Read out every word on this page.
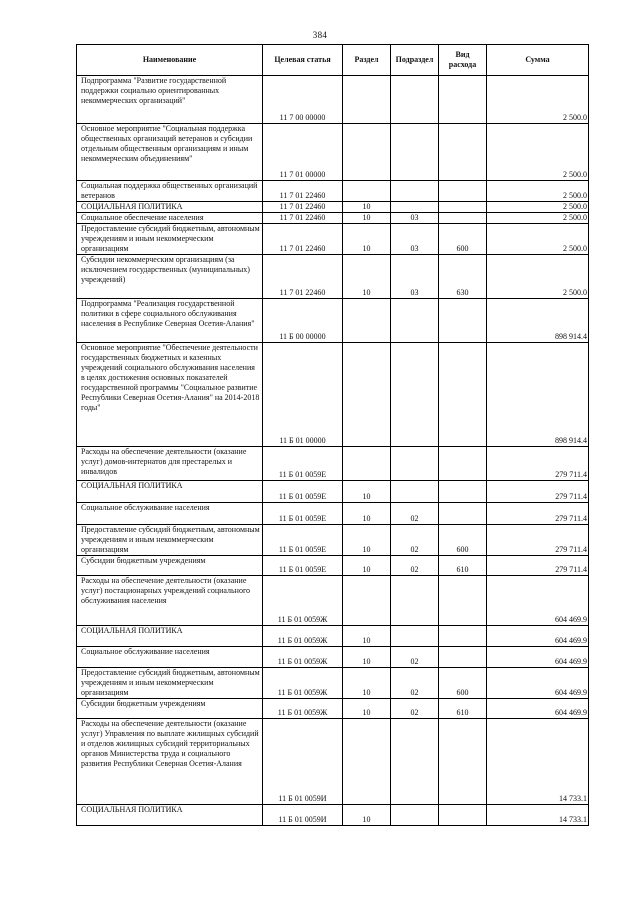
384
Наименование	Целевая статья	Раздел	Подраздел	Вид расхода	Сумма

Подпрограмма "Развитие государственной поддержки социально ориентированных некоммерческих организаций"	11 7 00 00000				2 500.0

Основное мероприятие "Социальная поддержка общественных организаций ветеранов и субсидии отдельным общественным организациям и иным некоммерческим объединениям"	11 7 01 00000				2 500.0

Социальная поддержка общественных организаций ветеранов	11 7 01 22460				2 500.0

СОЦИАЛЬНАЯ ПОЛИТИКА	11 7 01 22460	10			2 500.0

Социальное обеспечение населения	11 7 01 22460	10	03		2 500.0

Предоставление субсидий бюджетным, автономным учреждениям и иным некоммерческим организациям	11 7 01 22460	10	03	600	2 500.0

Субсидии некоммерческим организациям (за исключением государственных (муниципальных) учреждений)	11 7 01 22460	10	03	630	2 500.0

Подпрограмма "Реализация государственной политики в сфере социального обслуживания населения в Республике Северная Осетия-Алания"	11 Б 00 00000				898 914.4

Основное мероприятие "Обеспечение деятельности государственных бюджетных и казенных учреждений социального обслуживания населения в целях достижения основных показателей государственной программы "Социальное развитие Республики Северная Осетия-Алания" на 2014-2018 годы"	11 Б 01 00000				898 914.4

Расходы на обеспечение деятельности (оказание услуг) домов-интернатов для престарелых и инвалидов	11 Б 01 0059Е				279 711.4

СОЦИАЛЬНАЯ ПОЛИТИКА	11 Б 01 0059Е	10			279 711.4

Социальное обслуживание населения	11 Б 01 0059Е	10	02		279 711.4

Предоставление субсидий бюджетным, автономным учреждениям и иным некоммерческим организациям	11 Б 01 0059Е	10	02	600	279 711.4

Субсидии бюджетным учреждениям	11 Б 01 0059Е	10	02	610	279 711.4

Расходы на обеспечение деятельности (оказание услуг) постационарных учреждений социального обслуживания населения	11 Б 01 0059Ж				604 469.9

СОЦИАЛЬНАЯ ПОЛИТИКА	11 Б 01 0059Ж	10			604 469.9

Социальное обслуживание населения	11 Б 01 0059Ж	10	02		604 469.9

Предоставление субсидий бюджетным, автономным учреждениям и иным некоммерческим организациям	11 Б 01 0059Ж	10	02	600	604 469.9

Субсидии бюджетным учреждениям	11 Б 01 0059Ж	10	02	610	604 469.9

Расходы на обеспечение деятельности (оказание услуг) Управления по выплате жилищных субсидий и отделов жилищных субсидий территориальных органов Министерства труда и социального развития Республики Северная Осетия-Алания	11 Б 01 0059И				14 733.1

СОЦИАЛЬНАЯ ПОЛИТИКА	11 Б 01 0059И	10			14 733.1
